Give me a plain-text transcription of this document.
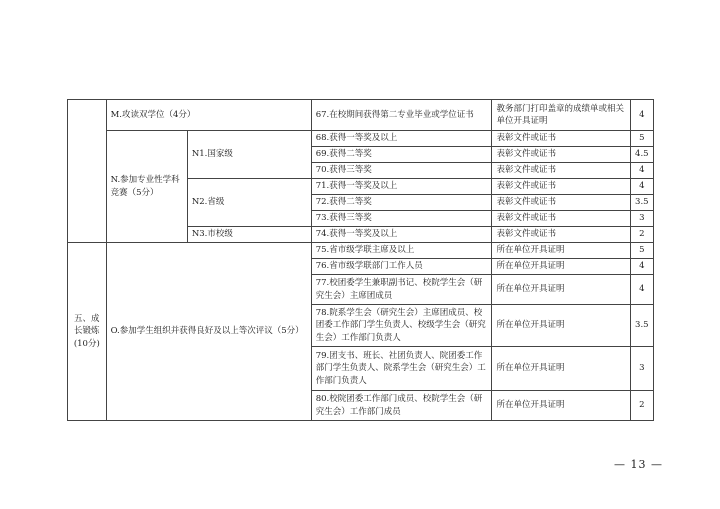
	M.攻读双学位（4分）		67.在校期间获得第二专业毕业或学位证书	教务部门打印盖章的成绩单或相关单位开具证明	4
	N.参加专业性学科竞赛（5分）	N1.国家级	68.获得一等奖及以上	表彰文件或证书	5
			69.获得二等奖	表彰文件或证书	4.5
			70.获得三等奖	表彰文件或证书	4
		N2.省级	71.获得一等奖及以上	表彰文件或证书	4
			72.获得二等奖	表彰文件或证书	3.5
			73.获得三等奖	表彰文件或证书	3
		N3.市校级	74.获得一等奖及以上	表彰文件或证书	2
五、成长锻炼(10分)	O.参加学生组织并获得良好及以上等次评议（5分）		75.省市级学联主席及以上	所在单位开具证明	5
			76.省市级学联部门工作人员	所在单位开具证明	4
			77.校团委学生兼职副书记、校院学生会（研究生会）主席团成员	所在单位开具证明	4
			78.院系学生会（研究生会）主席团成员、校团委工作部门学生负责人、校级学生会（研究生会）工作部门负责人	所在单位开具证明	3.5
			79.团支书、班长、社团负责人、院团委工作部门学生负责人、院系学生会（研究生会）工作部门负责人	所在单位开具证明	3
			80.校院团委工作部门成员、校院学生会（研究生会）工作部门成员	所在单位开具证明	2
— 13 —
